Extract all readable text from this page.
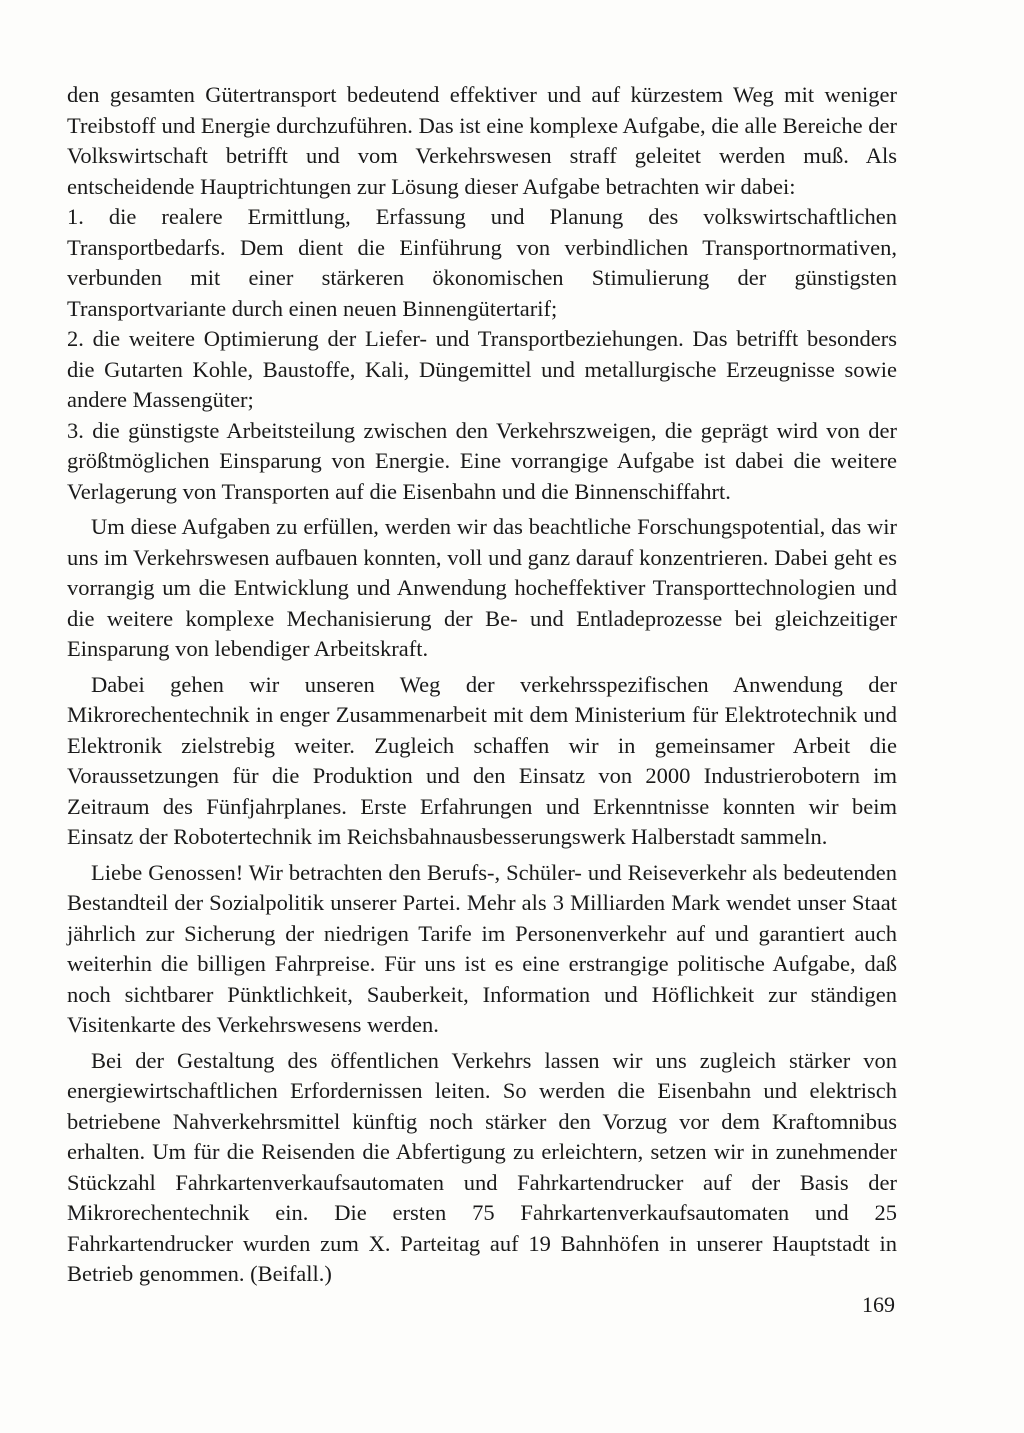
den gesamten Gütertransport bedeutend effektiver und auf kürzestem Weg mit weniger Treibstoff und Energie durchzuführen. Das ist eine komplexe Aufgabe, die alle Bereiche der Volkswirtschaft betrifft und vom Verkehrswesen straff geleitet werden muß. Als entscheidende Hauptrichtungen zur Lösung dieser Aufgabe betrachten wir dabei:

1. die realere Ermittlung, Erfassung und Planung des volkswirtschaftlichen Transportbedarfs. Dem dient die Einführung von verbindlichen Transportnormativen, verbunden mit einer stärkeren ökonomischen Stimulierung der günstigsten Transportvariante durch einen neuen Binnengütertarif;

2. die weitere Optimierung der Liefer- und Transportbeziehungen. Das betrifft besonders die Gutarten Kohle, Baustoffe, Kali, Düngemittel und metallurgische Erzeugnisse sowie andere Massengüter;

3. die günstigste Arbeitsteilung zwischen den Verkehrszweigen, die geprägt wird von der größtmöglichen Einsparung von Energie. Eine vorrangige Aufgabe ist dabei die weitere Verlagerung von Transporten auf die Eisenbahn und die Binnenschiffahrt.

Um diese Aufgaben zu erfüllen, werden wir das beachtliche Forschungspotential, das wir uns im Verkehrswesen aufbauen konnten, voll und ganz darauf konzentrieren. Dabei geht es vorrangig um die Entwicklung und Anwendung hocheffektiver Transporttechnologien und die weitere komplexe Mechanisierung der Be- und Entladeprozesse bei gleichzeitiger Einsparung von lebendiger Arbeitskraft.

Dabei gehen wir unseren Weg der verkehrsspezifischen Anwendung der Mikrorechentechnik in enger Zusammenarbeit mit dem Ministerium für Elektrotechnik und Elektronik zielstrebig weiter. Zugleich schaffen wir in gemeinsamer Arbeit die Voraussetzungen für die Produktion und den Einsatz von 2000 Industrierobotern im Zeitraum des Fünfjahrplanes. Erste Erfahrungen und Erkenntnisse konnten wir beim Einsatz der Robotertechnik im Reichsbahnausbesserungswerk Halberstadt sammeln.

Liebe Genossen! Wir betrachten den Berufs-, Schüler- und Reiseverkehr als bedeutenden Bestandteil der Sozialpolitik unserer Partei. Mehr als 3 Milliarden Mark wendet unser Staat jährlich zur Sicherung der niedrigen Tarife im Personenverkehr auf und garantiert auch weiterhin die billigen Fahrpreise. Für uns ist es eine erstrangige politische Aufgabe, daß noch sichtbarer Pünktlichkeit, Sauberkeit, Information und Höflichkeit zur ständigen Visitenkarte des Verkehrswesens werden.

Bei der Gestaltung des öffentlichen Verkehrs lassen wir uns zugleich stärker von energiewirtschaftlichen Erfordernissen leiten. So werden die Eisenbahn und elektrisch betriebene Nahverkehrsmittel künftig noch stärker den Vorzug vor dem Kraftomnibus erhalten. Um für die Reisenden die Abfertigung zu erleichtern, setzen wir in zunehmender Stückzahl Fahrkartenverkaufsautomaten und Fahrkartendrucker auf der Basis der Mikrorechentechnik ein. Die ersten 75 Fahrkartenverkaufsautomaten und 25 Fahrkartendrucker wurden zum X. Parteitag auf 19 Bahnhöfen in unserer Hauptstadt in Betrieb genommen. (Beifall.)

169
